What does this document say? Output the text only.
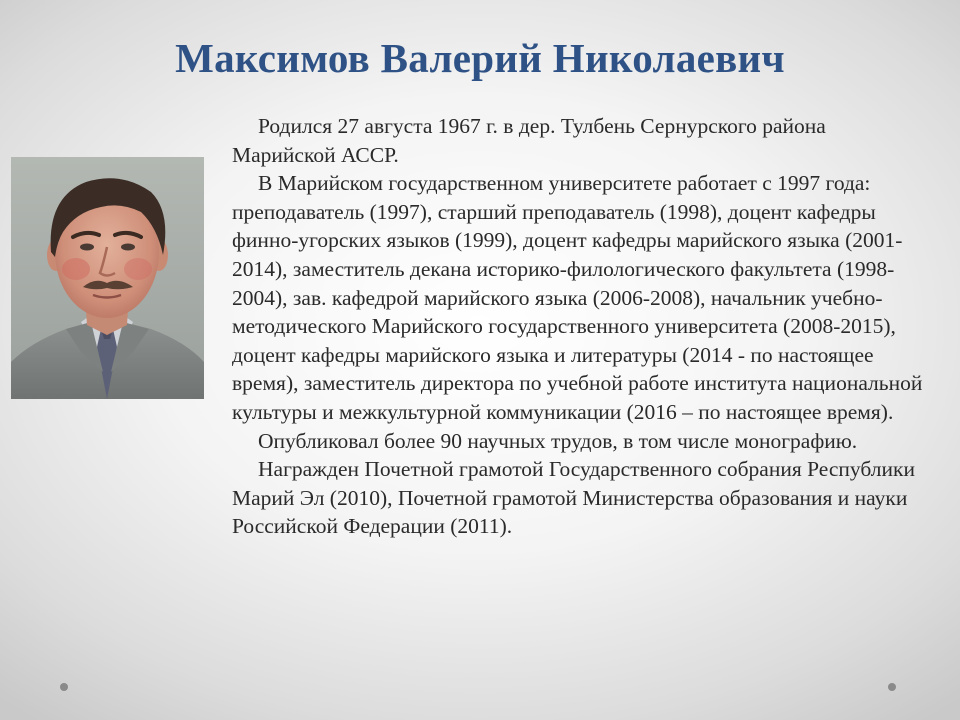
Максимов Валерий Николаевич

Родился 27 августа 1967 г. в дер. Тулбень Сернурского района Марийской АССР.

В Марийском государственном университете работает с 1997 года: преподаватель (1997), старший преподаватель (1998), доцент кафедры финно-угорских языков (1999), доцент кафедры марийского языка (2001-2014), заместитель декана историко-филологического факультета (1998-2004), зав. кафедрой марийского языка (2006-2008), начальник учебно-методического Марийского государственного университета (2008-2015), доцент кафедры марийского языка и литературы (2014 - по настоящее время), заместитель директора по учебной работе института национальной культуры и межкультурной коммуникации (2016 – по настоящее время).

Опубликовал более 90 научных трудов, в том числе монографию.

Награжден Почетной грамотой Государственного собрания Республики Марий Эл (2010), Почетной грамотой Министерства образования и науки Российской Федерации (2011).
